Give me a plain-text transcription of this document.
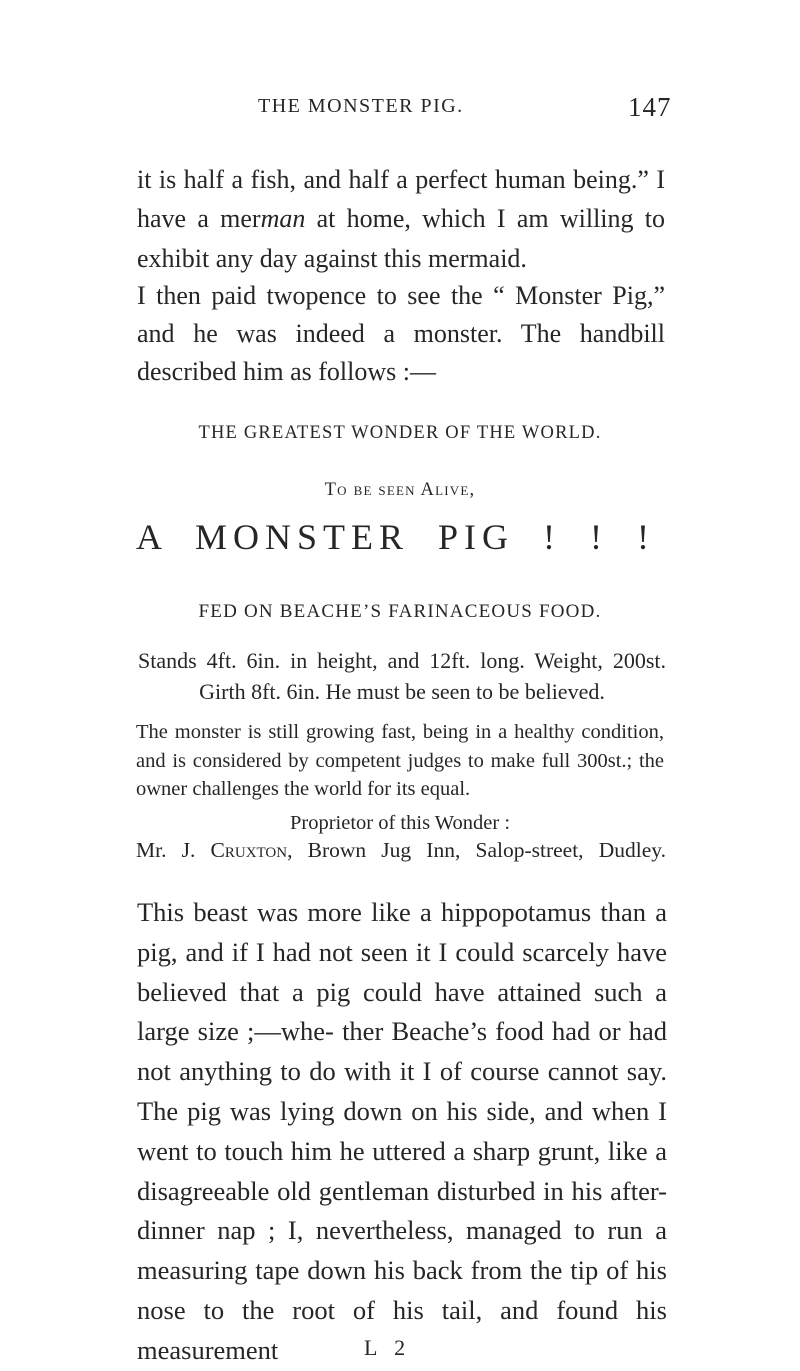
THE MONSTER PIG.	147

it is half a fish, and half a perfect human being.” I have a merman at home, which I am willing to exhibit any day against this mermaid.

I then paid twopence to see the “ Monster Pig,” and he was indeed a monster. The handbill described him as follows :—

THE GREATEST WONDER OF THE WORLD.
To be seen Alive,
A MONSTER PIG ! ! !
FED ON BEACHE’S FARINACEOUS FOOD.
Stands 4ft. 6in. in height, and 12ft. long. Weight, 200st.
Girth 8ft. 6in. He must be seen to be believed.

The monster is still growing fast, being in a healthy condition, and is considered by competent judges to make full 300st.; the owner challenges the world for its equal.

Proprietor of this Wonder :
Mr. J. Cruxton, Brown Jug Inn, Salop-street, Dudley.

This beast was more like a hippopotamus than a pig, and if I had not seen it I could scarcely have believed that a pig could have attained such a large size ;—whe- ther Beache’s food had or had not anything to do with it I of course cannot say. The pig was lying down on his side, and when I went to touch him he uttered a sharp grunt, like a disagreeable old gentleman disturbed in his after-dinner nap ; I, nevertheless, managed to run a measuring tape down his back from the tip of his nose to the root of his tail, and found his measurement	L 2
